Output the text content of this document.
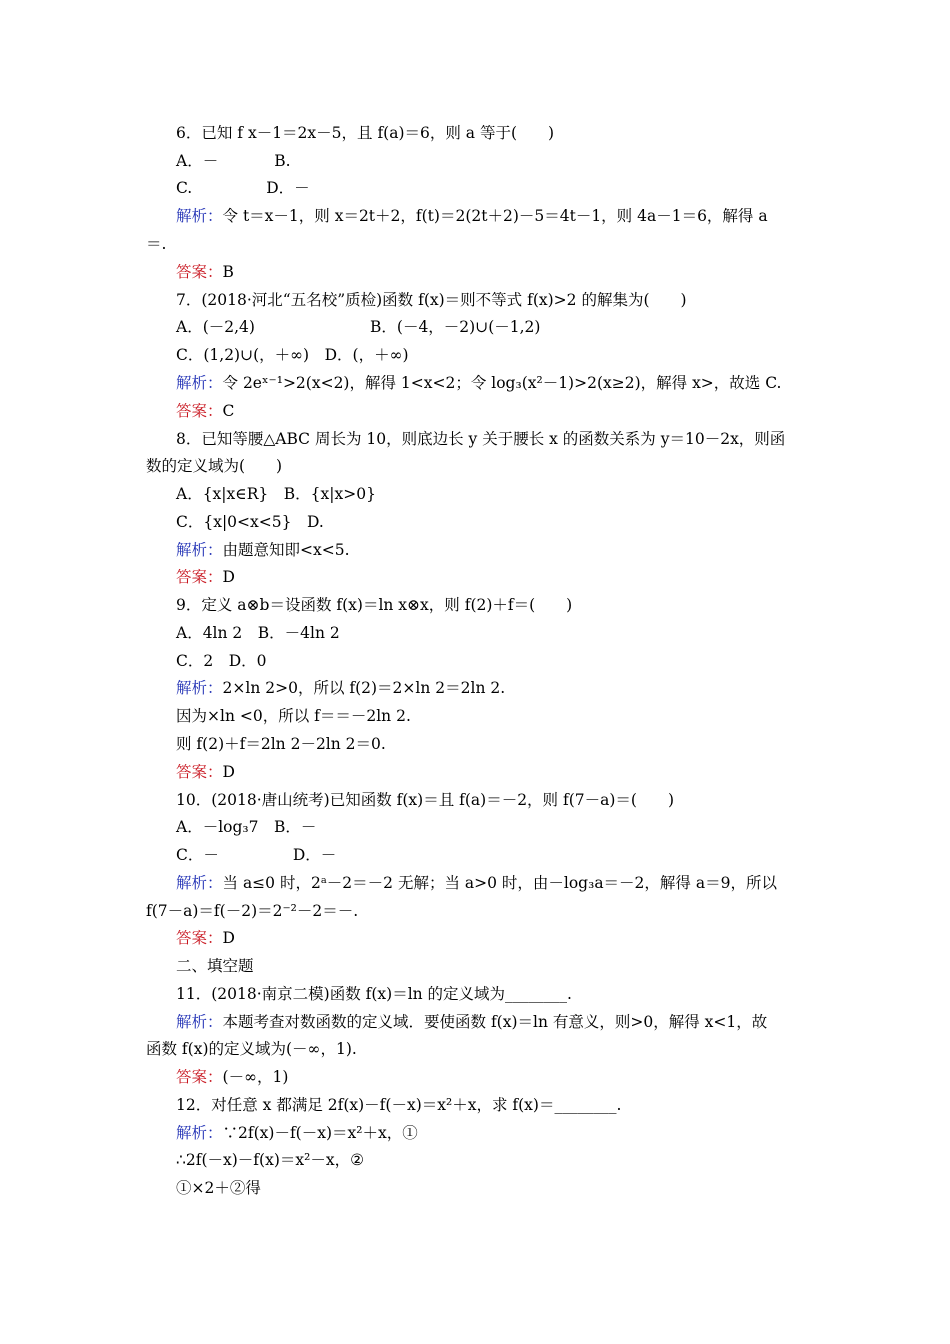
6．已知 f x－1＝2x－5，且 f(a)＝6，则 a 等于(　　)
A．－	B.
C.	D．－
解析：令 t＝x－1，则 x＝2t＋2，f(t)＝2(2t＋2)－5＝4t－1，则 4a－1＝6，解得 a
＝.
答案：B
7．(2018·河北“五名校”质检)函数 f(x)＝则不等式 f(x)>2 的解集为(　　)
A．(－2,4)	B．(－4，－2)∪(－1,2)
C．(1,2)∪(，＋∞)　D．(，＋∞)
解析：令 2eˣ⁻¹>2(x<2)，解得 1<x<2；令 log₃(x²－1)>2(x≥2)，解得 x>，故选 C.
答案：C
8．已知等腰△ABC 周长为 10，则底边长 y 关于腰长 x 的函数关系为 y＝10－2x，则函
数的定义域为(　　)
A．{x|x∈R}　B．{x|x>0}
C．{x|0<x<5}　D.
解析：由题意知即<x<5.
答案：D
9．定义 a⊗b＝设函数 f(x)＝ln x⊗x，则 f(2)＋f＝(　　)
A．4ln 2　B．－4ln 2
C．2　D．0
解析：2×ln 2>0，所以 f(2)＝2×ln 2＝2ln 2.
因为×ln <0，所以 f＝＝－2ln 2.
则 f(2)＋f＝2ln 2－2ln 2＝0.
答案：D
10．(2018·唐山统考)已知函数 f(x)＝且 f(a)＝－2，则 f(7－a)＝(　　)
A．－log₃7　B．－
C．－	D．－
解析：当 a≤0 时，2ᵃ－2＝－2 无解；当 a>0 时，由－log₃a＝－2，解得 a＝9，所以
f(7－a)＝f(－2)＝2⁻²－2＝－.
答案：D
二、填空题
11．(2018·南京二模)函数 f(x)＝ln 的定义域为________.
解析：本题考查对数函数的定义域．要使函数 f(x)＝ln 有意义，则>0，解得 x<1，故
函数 f(x)的定义域为(－∞，1).
答案：(－∞，1)
12．对任意 x 都满足 2f(x)－f(－x)＝x²＋x，求 f(x)＝________.
解析：∵2f(x)－f(－x)＝x²＋x，①
∴2f(－x)－f(x)＝x²－x，②
①×2＋②得
